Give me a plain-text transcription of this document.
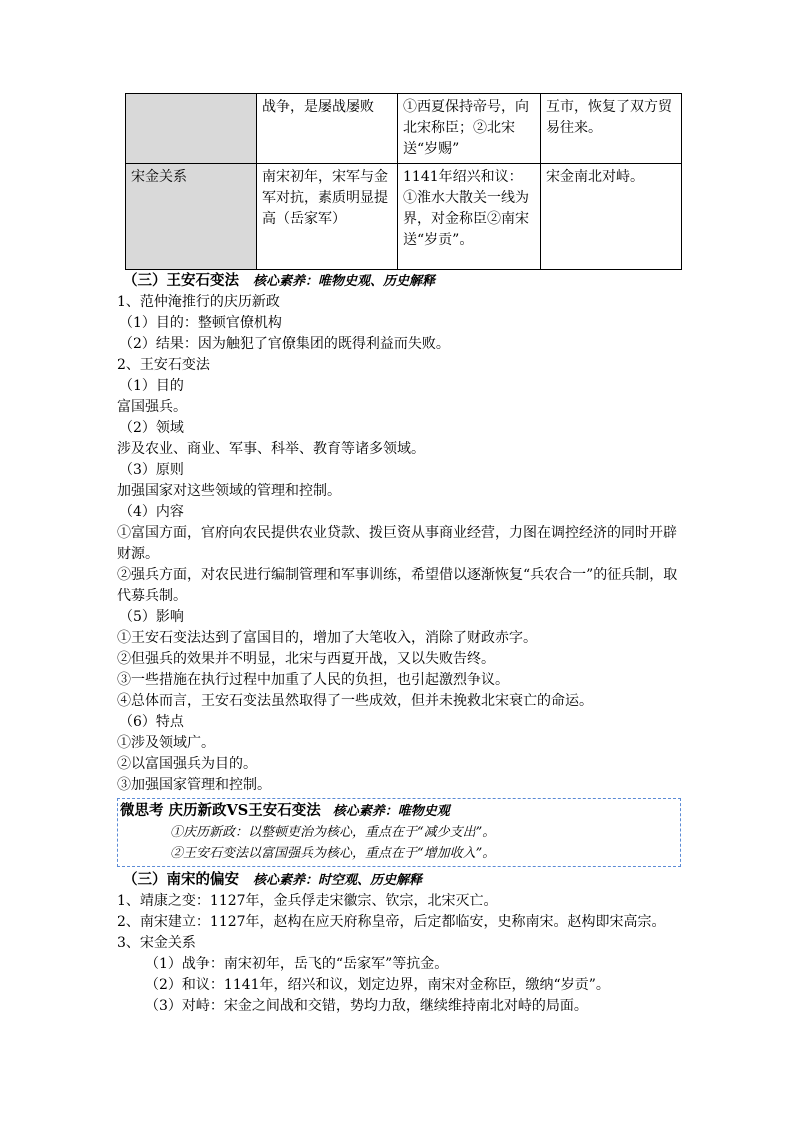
	战争，是屡战屡败	①西夏保持帝号，向北宋称臣；②北宋送“岁赐”	互市，恢复了双方贸易往来。
宋金关系	南宋初年，宋军与金军对抗，素质明显提高（岳家军）	1141年绍兴和议：①淮水大散关一线为界，对金称臣②南宋送“岁贡”。	宋金南北对峙。
（三）王安石变法 核心素养：唯物史观、历史解释
1、范仲淹推行的庆历新政
（1）目的：整顿官僚机构
（2）结果：因为触犯了官僚集团的既得利益而失败。
2、王安石变法
（1）目的
富国强兵。
（2）领域
涉及农业、商业、军事、科举、教育等诸多领域。
（3）原则
加强国家对这些领域的管理和控制。
（4）内容
①富国方面，官府向农民提供农业贷款、拨巨资从事商业经营，力图在调控经济的同时开辟财源。
②强兵方面，对农民进行编制管理和军事训练，希望借以逐渐恢复“兵农合一”的征兵制，取代募兵制。
（5）影响
①王安石变法达到了富国目的，增加了大笔收入，消除了财政赤字。
②但强兵的效果并不明显，北宋与西夏开战，又以失败告终。
③一些措施在执行过程中加重了人民的负担，也引起激烈争议。
④总体而言，王安石变法虽然取得了一些成效，但并未挽救北宋衰亡的命运。
（6）特点
①涉及领域广。
②以富国强兵为目的。
③加强国家管理和控制。
微思考 庆历新政VS王安石变法 核心素养：唯物史观
①庆历新政：以整顿吏治为核心，重点在于“减少支出”。
②王安石变法以富国强兵为核心，重点在于“增加收入”。
（三）南宋的偏安 核心素养：时空观、历史解释
1、靖康之变：1127年，金兵俘走宋徽宗、钦宗，北宋灭亡。
2、南宋建立：1127年，赵构在应天府称皇帝，后定都临安，史称南宋。赵构即宋高宗。
3、宋金关系
（1）战争：南宋初年，岳飞的“岳家军”等抗金。
（2）和议：1141年，绍兴和议，划定边界，南宋对金称臣，缴纳“岁贡”。
（3）对峙：宋金之间战和交错，势均力敌，继续维持南北对峙的局面。
